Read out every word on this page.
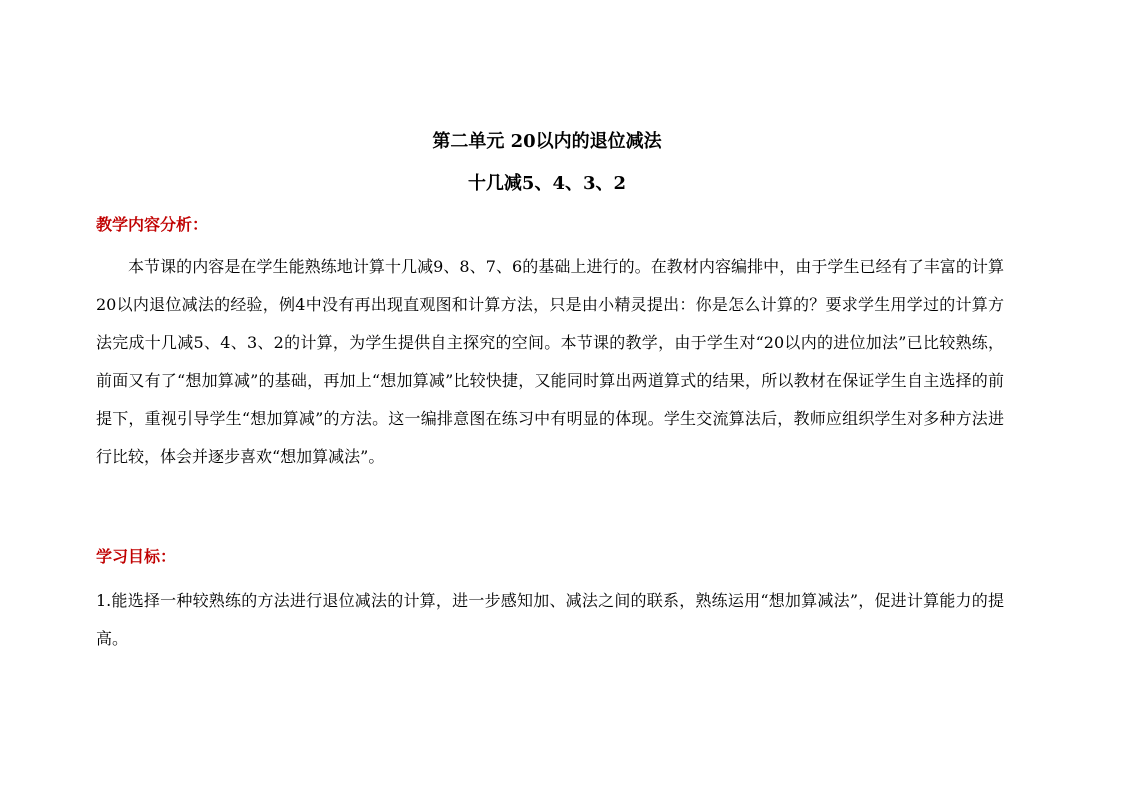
第二单元 20以内的退位减法
十几减5、4、3、2
教学内容分析：
本节课的内容是在学生能熟练地计算十几减9、8、7、6的基础上进行的。在教材内容编排中，由于学生已经有了丰富的计算20以内退位减法的经验，例4中没有再出现直观图和计算方法，只是由小精灵提出：你是怎么计算的？要求学生用学过的计算方法完成十几减5、4、3、2的计算，为学生提供自主探究的空间。本节课的教学，由于学生对“20以内的进位加法”已比较熟练，前面又有了“想加算减”的基础，再加上“想加算减”比较快捷，又能同时算出两道算式的结果，所以教材在保证学生自主选择的前提下，重视引导学生“想加算减”的方法。这一编排意图在练习中有明显的体现。学生交流算法后，教师应组织学生对多种方法进行比较，体会并逐步喜欢“想加算减法”。
学习目标：
1.能选择一种较熟练的方法进行退位减法的计算，进一步感知加、减法之间的联系，熟练运用“想加算减法”，促进计算能力的提高。
